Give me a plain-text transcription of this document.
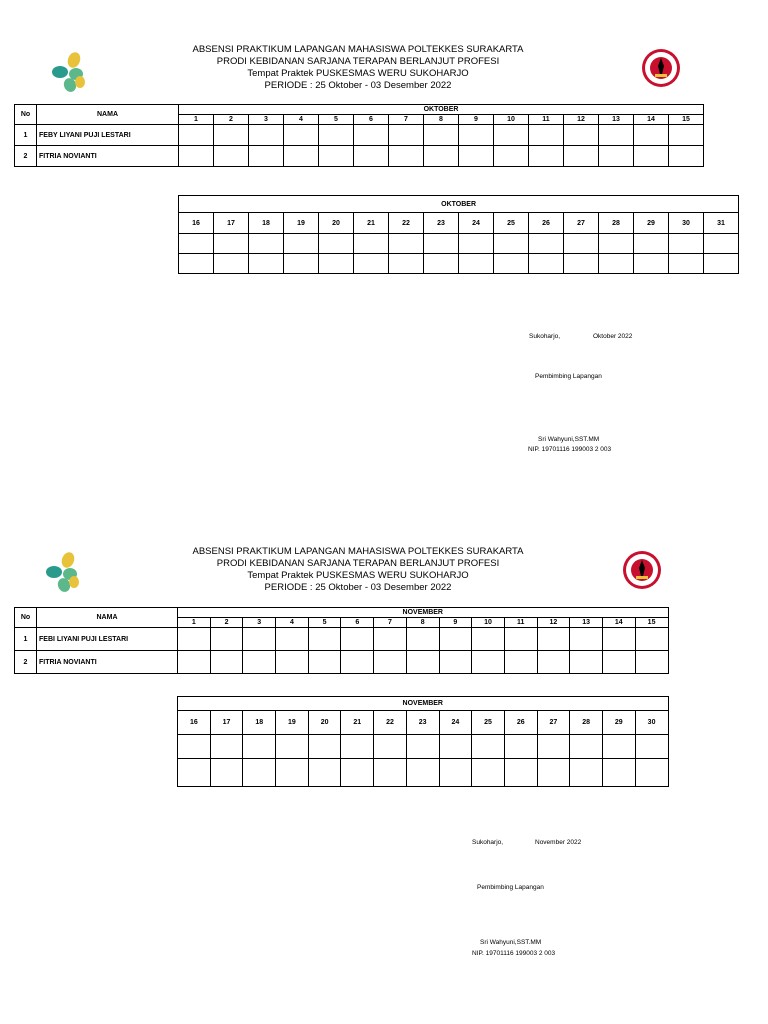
ABSENSI PRAKTIKUM LAPANGAN MAHASISWA POLTEKKES SURAKARTA
PRODI KEBIDANAN SARJANA TERAPAN BERLANJUT PROFESI
Tempat Praktek PUSKESMAS WERU SUKOHARJO
PERIODE : 25 Oktober - 03 Desember 2022
No	NAMA	OKTOBER														
		1	2	3	4	5	6	7	8	9	10	11	12	13	14	15
1	FEBY LIYANI PUJI LESTARI															
2	FITRIA NOVIANTI															
OKTOBER															
16	17	18	19	20	21	22	23	24	25	26	27	28	29	30	31

Sukoharjo,	Oktober 2022
Pembimbing Lapangan
Sri Wahyuni,SST.MM
NIP. 19701116 199003 2 003
ABSENSI PRAKTIKUM LAPANGAN MAHASISWA POLTEKKES SURAKARTA
PRODI KEBIDANAN SARJANA TERAPAN BERLANJUT PROFESI
Tempat Praktek PUSKESMAS WERU SUKOHARJO
PERIODE : 25 Oktober - 03 Desember 2022
No	NAMA	NOVEMBER														
		1	2	3	4	5	6	7	8	9	10	11	12	13	14	15
1	FEBI LIYANI PUJI LESTARI															
2	FITRIA NOVIANTI															
NOVEMBER														
16	17	18	19	20	21	22	23	24	25	26	27	28	29	30

Sukoharjo,	November 2022
Pembimbing Lapangan
Sri Wahyuni,SST.MM
NIP. 19701116 199003 2 003
